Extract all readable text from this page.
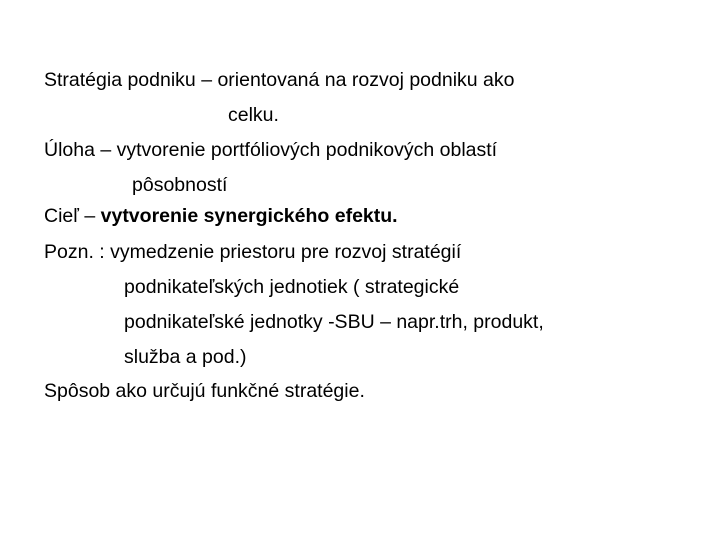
Stratégia podniku – orientovaná na rozvoj podniku ako
celku.
Úloha – vytvorenie portfóliových podnikových oblastí
pôsobností
Cieľ – vytvorenie synergického efektu.
Pozn. : vymedzenie priestoru pre rozvoj stratégií
podnikateľských jednotiek ( strategické
podnikateľské jednotky -SBU – napr.trh, produkt,
služba a pod.)
Spôsob ako určujú funkčné stratégie.
